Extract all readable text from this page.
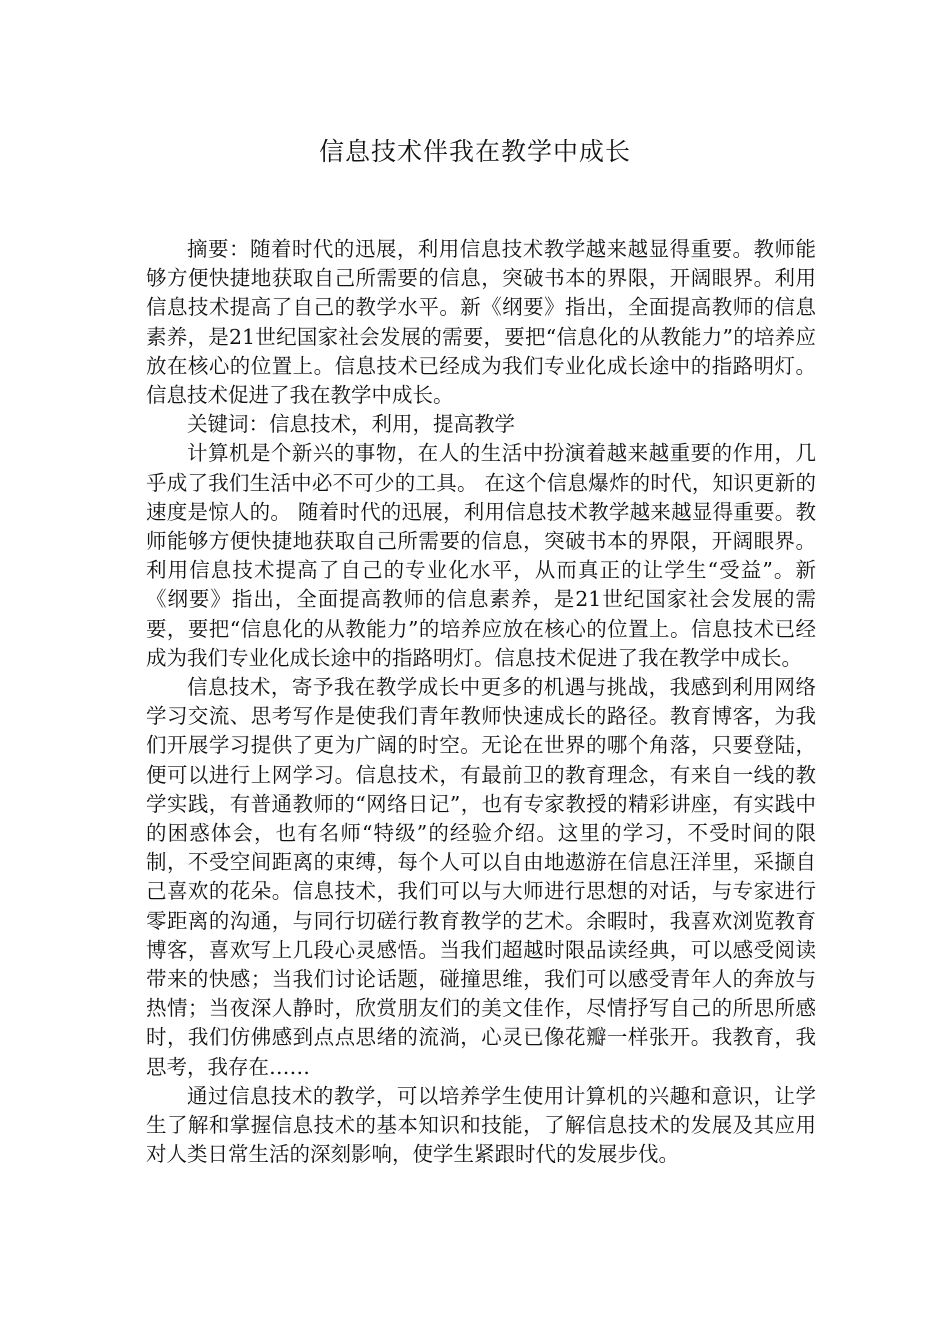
信息技术伴我在教学中成长

摘要：随着时代的迅展，利用信息技术教学越来越显得重要。教师能够方便快捷地获取自己所需要的信息，突破书本的界限，开阔眼界。利用信息技术提高了自己的教学水平。新《纲要》指出，全面提高教师的信息素养，是21世纪国家社会发展的需要，要把“信息化的从教能力”的培养应放在核心的位置上。信息技术已经成为我们专业化成长途中的指路明灯。信息技术促进了我在教学中成长。

关键词：信息技术，利用，提高教学

计算机是个新兴的事物，在人的生活中扮演着越来越重要的作用，几乎成了我们生活中必不可少的工具。 在这个信息爆炸的时代，知识更新的速度是惊人的。 随着时代的迅展，利用信息技术教学越来越显得重要。教师能够方便快捷地获取自己所需要的信息，突破书本的界限，开阔眼界。利用信息技术提高了自己的专业化水平，从而真正的让学生“受益”。新《纲要》指出，全面提高教师的信息素养，是21世纪国家社会发展的需要，要把“信息化的从教能力”的培养应放在核心的位置上。信息技术已经成为我们专业化成长途中的指路明灯。信息技术促进了我在教学中成长。

信息技术，寄予我在教学成长中更多的机遇与挑战，我感到利用网络学习交流、思考写作是使我们青年教师快速成长的路径。教育博客，为我们开展学习提供了更为广阔的时空。无论在世界的哪个角落，只要登陆，便可以进行上网学习。信息技术，有最前卫的教育理念，有来自一线的教学实践，有普通教师的“网络日记”，也有专家教授的精彩讲座，有实践中的困惑体会，也有名师“特级”的经验介绍。这里的学习，不受时间的限制，不受空间距离的束缚，每个人可以自由地遨游在信息汪洋里，采撷自己喜欢的花朵。信息技术，我们可以与大师进行思想的对话，与专家进行零距离的沟通，与同行切磋行教育教学的艺术。余暇时，我喜欢浏览教育博客，喜欢写上几段心灵感悟。当我们超越时限品读经典，可以感受阅读带来的快感；当我们讨论话题，碰撞思维，我们可以感受青年人的奔放与热情；当夜深人静时，欣赏朋友们的美文佳作，尽情抒写自己的所思所感时，我们仿佛感到点点思绪的流淌，心灵已像花瓣一样张开。我教育，我思考，我存在……

通过信息技术的教学，可以培养学生使用计算机的兴趣和意识，让学生了解和掌握信息技术的基本知识和技能，了解信息技术的发展及其应用对人类日常生活的深刻影响，使学生紧跟时代的发展步伐。
